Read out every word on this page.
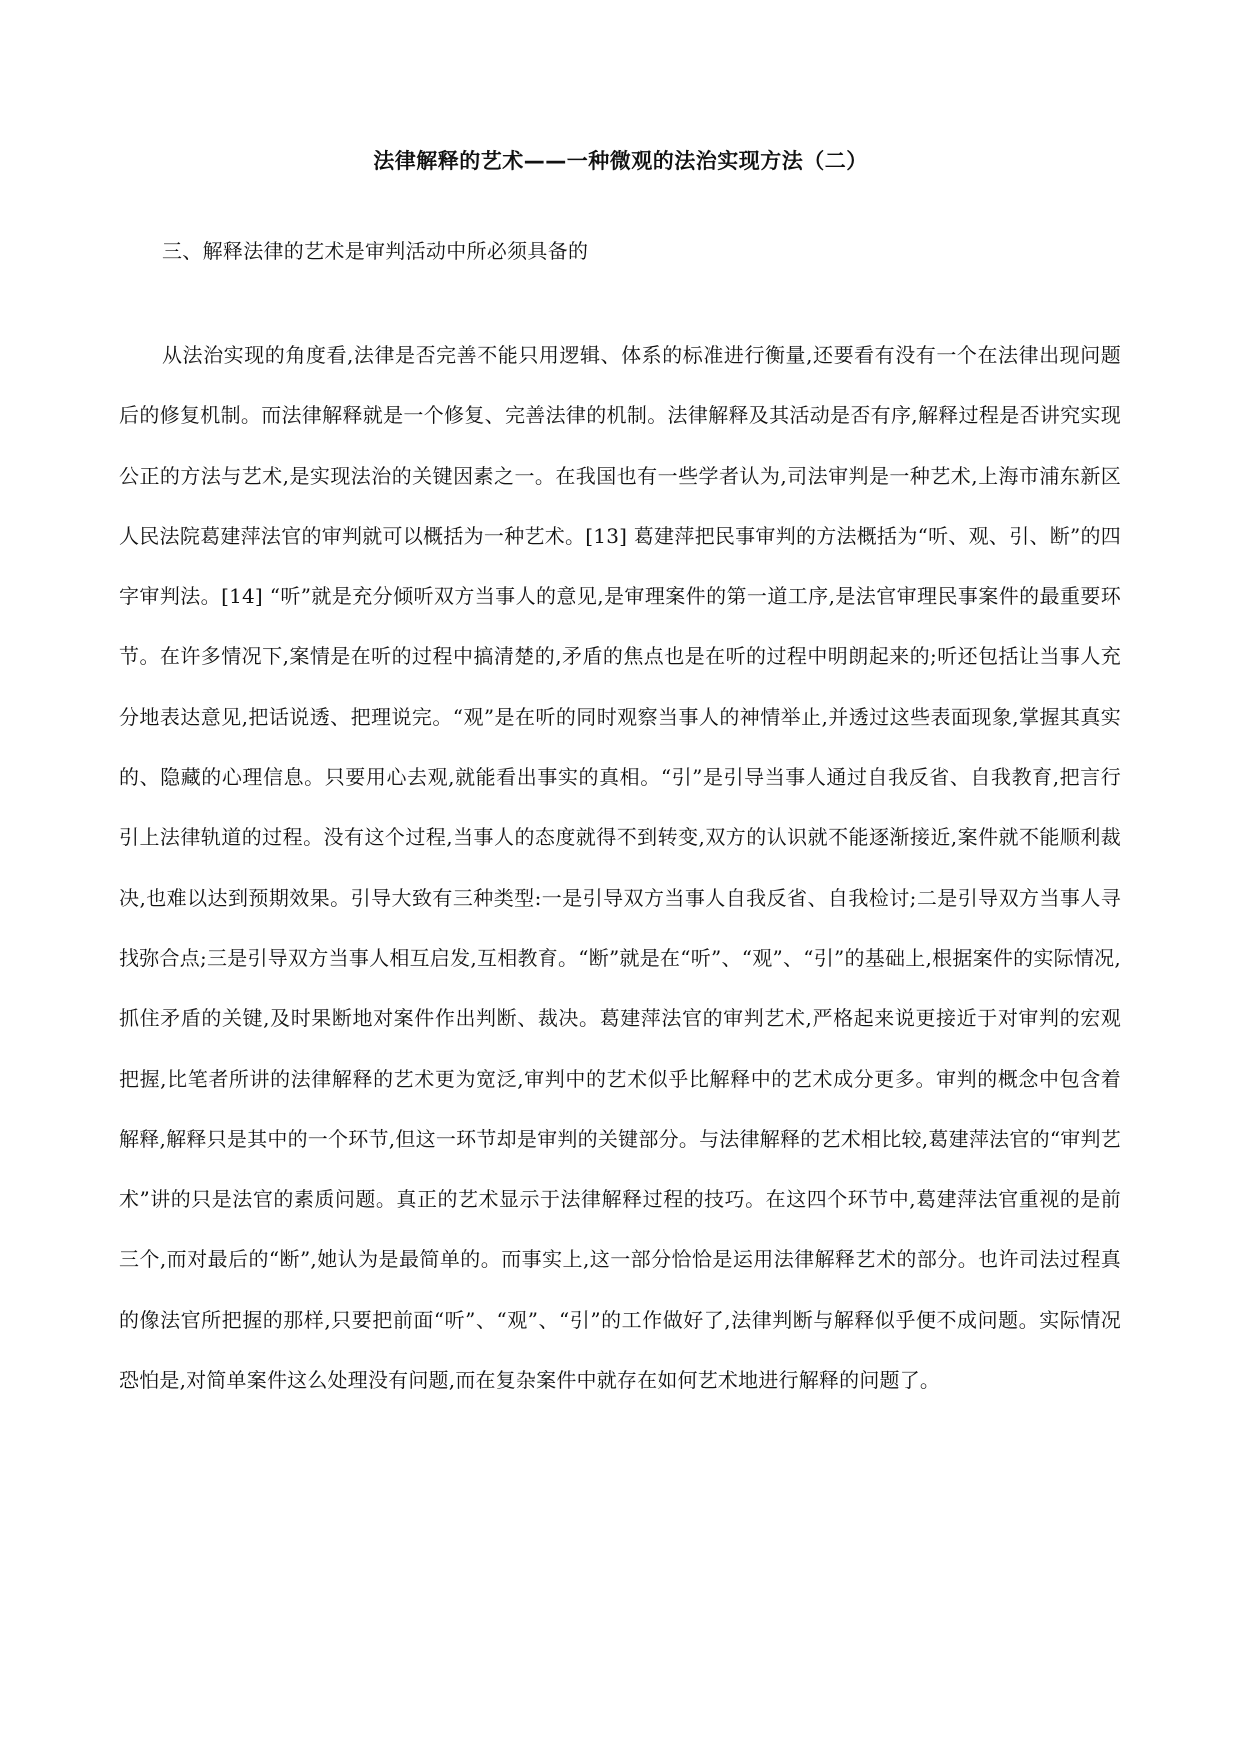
法律解释的艺术——一种微观的法治实现方法（二）
三、解释法律的艺术是审判活动中所必须具备的

从法治实现的角度看,法律是否完善不能只用逻辑、体系的标准进行衡量,还要看有没有一个在法律出现问题后的修复机制。而法律解释就是一个修复、完善法律的机制。法律解释及其活动是否有序,解释过程是否讲究实现公正的方法与艺术,是实现法治的关键因素之一。在我国也有一些学者认为,司法审判是一种艺术,上海市浦东新区人民法院葛建萍法官的审判就可以概括为一种艺术。[13] 葛建萍把民事审判的方法概括为“听、观、引、断”的四字审判法。[14] “听”就是充分倾听双方当事人的意见,是审理案件的第一道工序,是法官审理民事案件的最重要环节。在许多情况下,案情是在听的过程中搞清楚的,矛盾的焦点也是在听的过程中明朗起来的;听还包括让当事人充分地表达意见,把话说透、把理说完。“观”是在听的同时观察当事人的神情举止,并透过这些表面现象,掌握其真实的、隐藏的心理信息。只要用心去观,就能看出事实的真相。“引”是引导当事人通过自我反省、自我教育,把言行引上法律轨道的过程。没有这个过程,当事人的态度就得不到转变,双方的认识就不能逐渐接近,案件就不能顺利裁决,也难以达到预期效果。引导大致有三种类型:一是引导双方当事人自我反省、自我检讨;二是引导双方当事人寻找弥合点;三是引导双方当事人相互启发,互相教育。“断”就是在“听”、“观”、“引”的基础上,根据案件的实际情况,抓住矛盾的关键,及时果断地对案件作出判断、裁决。葛建萍法官的审判艺术,严格起来说更接近于对审判的宏观把握,比笔者所讲的法律解释的艺术更为宽泛,审判中的艺术似乎比解释中的艺术成分更多。审判的概念中包含着解释,解释只是其中的一个环节,但这一环节却是审判的关键部分。与法律解释的艺术相比较,葛建萍法官的“审判艺术”讲的只是法官的素质问题。真正的艺术显示于法律解释过程的技巧。在这四个环节中,葛建萍法官重视的是前三个,而对最后的“断”,她认为是最简单的。而事实上,这一部分恰恰是运用法律解释艺术的部分。也许司法过程真的像法官所把握的那样,只要把前面“听”、“观”、“引”的工作做好了,法律判断与解释似乎便不成问题。实际情况恐怕是,对简单案件这么处理没有问题,而在复杂案件中就存在如何艺术地进行解释的问题了。
